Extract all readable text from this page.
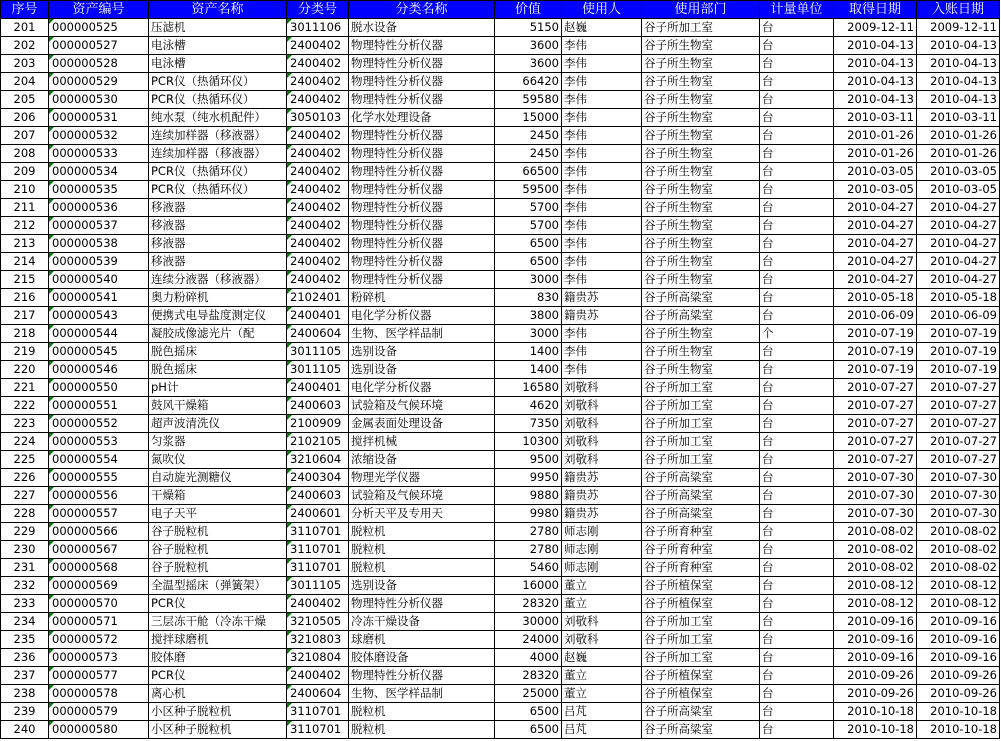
序号	资产编号	资产名称	分类号	分类名称	价值	使用人	使用部门	计量单位	取得日期	入账日期
201	000000525	压滤机	3011106	脱水设备	5150	赵巍	谷子所加工室	台	2009-12-11	2009-12-11
202	000000527	电泳槽	2400402	物理特性分析仪器	3600	李伟	谷子所生物室	台	2010-04-13	2010-04-13
203	000000528	电泳槽	2400402	物理特性分析仪器	3600	李伟	谷子所生物室	台	2010-04-13	2010-04-13
204	000000529	PCR仪（热循环仪）	2400402	物理特性分析仪器	66420	李伟	谷子所生物室	台	2010-04-13	2010-04-13
205	000000530	PCR仪（热循环仪）	2400402	物理特性分析仪器	59580	李伟	谷子所生物室	台	2010-04-13	2010-04-13
206	000000531	纯水泵（纯水机配件）	3050103	化学水处理设备	15000	李伟	谷子所生物室	台	2010-03-11	2010-03-11
207	000000532	连续加样器（移液器）	2400402	物理特性分析仪器	2450	李伟	谷子所生物室	台	2010-01-26	2010-01-26
208	000000533	连续加样器（移液器）	2400402	物理特性分析仪器	2450	李伟	谷子所生物室	台	2010-01-26	2010-01-26
209	000000534	PCR仪（热循环仪）	2400402	物理特性分析仪器	66500	李伟	谷子所生物室	台	2010-03-05	2010-03-05
210	000000535	PCR仪（热循环仪）	2400402	物理特性分析仪器	59500	李伟	谷子所生物室	台	2010-03-05	2010-03-05
211	000000536	移液器	2400402	物理特性分析仪器	5700	李伟	谷子所生物室	台	2010-04-27	2010-04-27
212	000000537	移液器	2400402	物理特性分析仪器	5700	李伟	谷子所生物室	台	2010-04-27	2010-04-27
213	000000538	移液器	2400402	物理特性分析仪器	6500	李伟	谷子所生物室	台	2010-04-27	2010-04-27
214	000000539	移液器	2400402	物理特性分析仪器	6500	李伟	谷子所生物室	台	2010-04-27	2010-04-27
215	000000540	连续分液器（移液器）	2400402	物理特性分析仪器	3000	李伟	谷子所生物室	台	2010-04-27	2010-04-27
216	000000541	奥力粉碎机	2102401	粉碎机	830	籍贵苏	谷子所高粱室	台	2010-05-18	2010-05-18
217	000000543	便携式电导盐度测定仪	2400401	电化学分析仪器	3800	籍贵苏	谷子所高粱室	台	2010-06-09	2010-06-09
218	000000544	凝胶成像滤光片（配	2400604	生物、医学样品制	3000	李伟	谷子所生物室	个	2010-07-19	2010-07-19
219	000000545	脱色摇床	3011105	选别设备	1400	李伟	谷子所生物室	台	2010-07-19	2010-07-19
220	000000546	脱色摇床	3011105	选别设备	1400	李伟	谷子所生物室	台	2010-07-19	2010-07-19
221	000000550	pH计	2400401	电化学分析仪器	16580	刘敬科	谷子所加工室	台	2010-07-27	2010-07-27
222	000000551	鼓风干燥箱	2400603	试验箱及气候环境	4620	刘敬科	谷子所加工室	台	2010-07-27	2010-07-27
223	000000552	超声波清洗仪	2100909	金属表面处理设备	7350	刘敬科	谷子所加工室	台	2010-07-27	2010-07-27
224	000000553	匀浆器	2102105	搅拌机械	10300	刘敬科	谷子所加工室	台	2010-07-27	2010-07-27
225	000000554	氮吹仪	3210604	浓缩设备	9500	刘敬科	谷子所加工室	台	2010-07-27	2010-07-27
226	000000555	自动旋光测糖仪	2400304	物理光学仪器	9950	籍贵苏	谷子所高粱室	台	2010-07-30	2010-07-30
227	000000556	干燥箱	2400603	试验箱及气候环境	9880	籍贵苏	谷子所高粱室	台	2010-07-30	2010-07-30
228	000000557	电子天平	2400601	分析天平及专用天	9980	籍贵苏	谷子所高粱室	台	2010-07-30	2010-07-30
229	000000566	谷子脱粒机	3110701	脱粒机	2780	师志刚	谷子所育种室	台	2010-08-02	2010-08-02
230	000000567	谷子脱粒机	3110701	脱粒机	2780	师志刚	谷子所育种室	台	2010-08-02	2010-08-02
231	000000568	谷子脱粒机	3110701	脱粒机	5460	师志刚	谷子所育种室	台	2010-08-02	2010-08-02
232	000000569	全温型摇床（弹簧架）	3011105	选别设备	16000	董立	谷子所植保室	台	2010-08-12	2010-08-12
233	000000570	PCR仪	2400402	物理特性分析仪器	28320	董立	谷子所植保室	台	2010-08-12	2010-08-12
234	000000571	三层冻干舱（冷冻干燥	3210505	冷冻干燥设备	30000	刘敬科	谷子所加工室	台	2010-09-16	2010-09-16
235	000000572	搅拌球磨机	3210803	球磨机	24000	刘敬科	谷子所加工室	台	2010-09-16	2010-09-16
236	000000573	胶体磨	3210804	胶体磨设备	4000	赵巍	谷子所加工室	台	2010-09-16	2010-09-16
237	000000577	PCR仪	2400402	物理特性分析仪器	28320	董立	谷子所植保室	台	2010-09-26	2010-09-26
238	000000578	离心机	2400604	生物、医学样品制	25000	董立	谷子所植保室	台	2010-09-26	2010-09-26
239	000000579	小区种子脱粒机	3110701	脱粒机	6500	吕芃	谷子所高粱室	台	2010-10-18	2010-10-18
240	000000580	小区种子脱粒机	3110701	脱粒机	6500	吕芃	谷子所高粱室	台	2010-10-18	2010-10-18
